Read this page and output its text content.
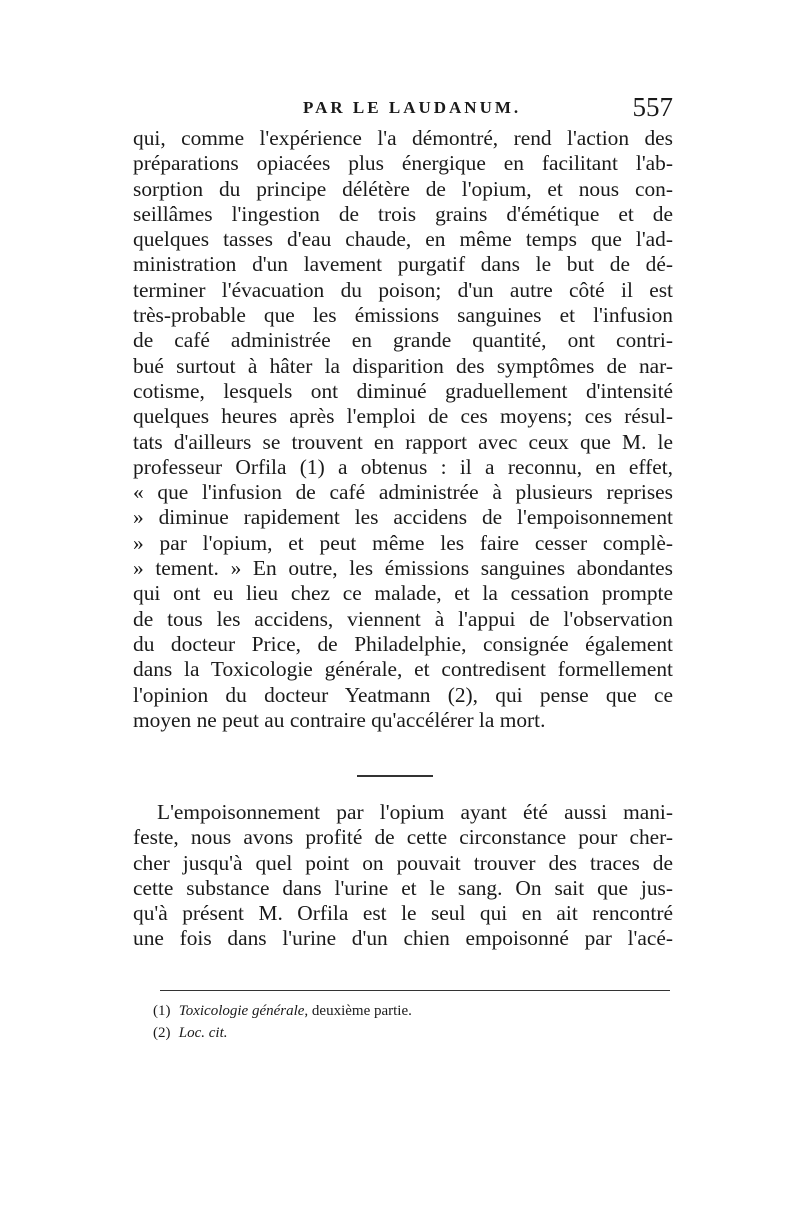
PAR LE LAUDANUM.	557
qui, comme l'expérience l'a démontré, rend l'action des
préparations opiacées plus énergique en facilitant l'ab-
sorption du principe délétère de l'opium, et nous con-
seillâmes l'ingestion de trois grains d'émétique et de
quelques tasses d'eau chaude, en même temps que l'ad-
ministration d'un lavement purgatif dans le but de dé-
terminer l'évacuation du poison; d'un autre côté il est
très-probable que les émissions sanguines et l'infusion
de café administrée en grande quantité, ont contri-
bué surtout à hâter la disparition des symptômes de nar-
cotisme, lesquels ont diminué graduellement d'intensité
quelques heures après l'emploi de ces moyens; ces résul-
tats d'ailleurs se trouvent en rapport avec ceux que M. le
professeur Orfila (1) a obtenus : il a reconnu, en effet,
« que l'infusion de café administrée à plusieurs reprises
» diminue rapidement les accidens de l'empoisonnement
» par l'opium, et peut même les faire cesser complè-
» tement. » En outre, les émissions sanguines abondantes
qui ont eu lieu chez ce malade, et la cessation prompte
de tous les accidens, viennent à l'appui de l'observation
du docteur Price, de Philadelphie, consignée également
dans la Toxicologie générale, et contredisent formellement
l'opinion du docteur Yeatmann (2), qui pense que ce
moyen ne peut au contraire qu'accélérer la mort.
L'empoisonnement par l'opium ayant été aussi mani-
feste, nous avons profité de cette circonstance pour cher-
cher jusqu'à quel point on pouvait trouver des traces de
cette substance dans l'urine et le sang. On sait que jus-
qu'à présent M. Orfila est le seul qui en ait rencontré
une fois dans l'urine d'un chien empoisonné par l'acé-
(1) Toxicologie générale, deuxième partie.
(2) Loc. cit.
